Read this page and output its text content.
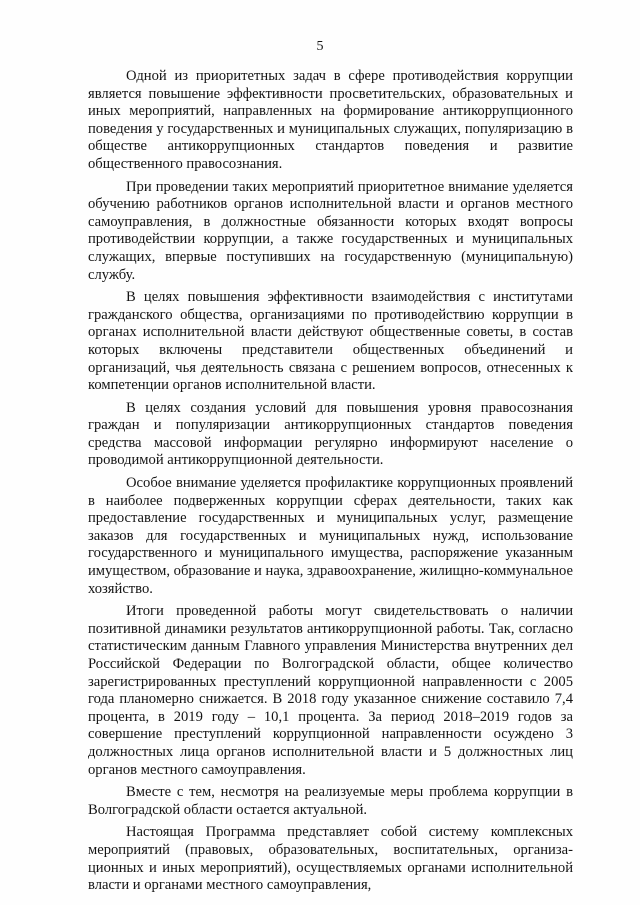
5

Одной из приоритетных задач в сфере противодействия коррупции является повышение эффективности просветительских, образовательных и иных мероприятий, направленных на формирование антикоррупционного поведения у государственных и муниципальных служащих, популяризацию в обществе антикоррупционных стандартов поведения и развитие общественного правосознания.

При проведении таких мероприятий приоритетное внимание уделяется обучению работников органов исполнительной власти и органов местного самоуправления, в должностные обязанности которых входят вопросы противодействии коррупции, а также государственных и муниципальных служащих, впервые поступивших на государственную (муниципальную) службу.

В целях повышения эффективности взаимодействия с институтами гражданского общества, организациями по противодействию коррупции в органах исполнительной власти действуют общественные советы, в состав которых включены представители общественных объединений и организаций, чья деятельность связана с решением вопросов, отнесенных к компетенции органов исполнительной власти.

В целях создания условий для повышения уровня правосознания граждан и популяризации антикоррупционных стандартов поведения средства массовой информации регулярно информируют население о проводимой антикоррупционной деятельности.

Особое внимание уделяется профилактике коррупционных проявлений в наиболее подверженных коррупции сферах деятельности, таких как предоставление государственных и муниципальных услуг, размещение заказов для государственных и муниципальных нужд, использование государственного и муниципального имущества, распоряжение указанным имуществом, образование и наука, здравоохранение, жилищно-коммунальное хозяйство.

Итоги проведенной работы могут свидетельствовать о наличии позитивной динамики результатов антикоррупционной работы. Так, согласно статистическим данным Главного управления Министерства внутренних дел Российской Федерации по Волгоградской области, общее количество зарегистрированных преступлений коррупционной направленности с 2005 года планомерно снижается. В 2018 году указанное снижение составило 7,4 процента, в 2019 году – 10,1 процента. За период 2018–2019 годов за совершение преступлений коррупционной направленности осуждено 3 должностных лица органов исполнительной власти и 5 должностных лиц органов местного самоуправления.

Вместе с тем, несмотря на реализуемые меры проблема коррупции в Волгоградской области остается актуальной.

Настоящая Программа представляет собой систему комплексных мероприятий (правовых, образовательных, воспитательных, организационных и иных мероприятий), осуществляемых органами исполнительной власти и органами местного самоуправления,
